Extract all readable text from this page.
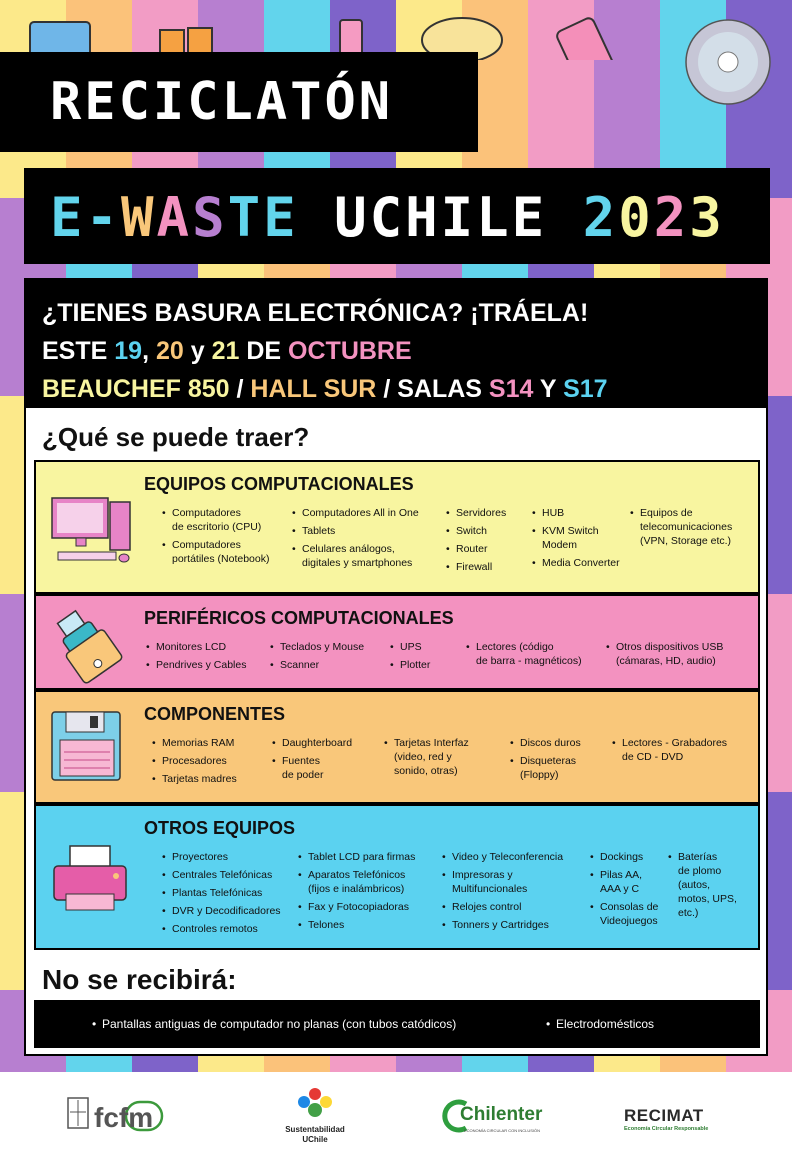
RECICLATÓN
E-WASTE UCHILE 2023
¿TIENES BASURA ELECTRÓNICA? ¡TRÁELA!
ESTE 19, 20 y 21 DE OCTUBRE
BEAUCHEF 850 / HALL SUR / SALAS S14 Y S17
¿Qué se puede traer?
EQUIPOS COMPUTACIONALES
• Computadores
de escritorio (CPU)
• Computadores
portátiles (Notebook)
• Computadores All in One
• Tablets
• Celulares análogos,
digitales y smartphones
• Servidores
• Switch
• Router
• Firewall
• HUB
• KVM Switch
Modem
• Media Converter
• Equipos de
telecomunicaciones
(VPN, Storage etc.)
PERIFÉRICOS COMPUTACIONALES
• Monitores LCD
• Pendrives y Cables
• Teclados y Mouse
• Scanner
• UPS
• Plotter
• Lectores (código
de barra - magnéticos)
• Otros dispositivos USB
(cámaras, HD, audio)
COMPONENTES
• Memorias RAM
• Procesadores
• Tarjetas madres
• Daughterboard
• Fuentes
de poder
• Tarjetas Interfaz
(video, red y
sonido, otras)
• Discos duros
• Disqueteras
(Floppy)
• Lectores - Grabadores
de CD - DVD
OTROS EQUIPOS
• Proyectores
• Centrales Telefónicas
• Plantas Telefónicas
• DVR y Decodificadores
• Controles remotos
• Tablet LCD para firmas
• Aparatos Telefónicos
(fijos e inalámbricos)
• Fax y Fotocopiadoras
• Telones
• Video y Teleconferencia
• Impresoras y
Multifuncionales
• Relojes control
• Tonners y Cartridges
• Dockings
• Pilas AA,
AAA y C
• Consolas de
Videojuegos
• Baterías
de plomo
(autos,
motos, UPS,
etc.)
No se recibirá:
• Pantallas antiguas de computador no planas (con tubos catódicos)
•	Electrodomésticos
fcfm	Sustentabilidad
UChile
Chilenter
ECONOMÍA CIRCULAR CON INCLUSIÓN
RECIMAT
Economía Circular Responsable
